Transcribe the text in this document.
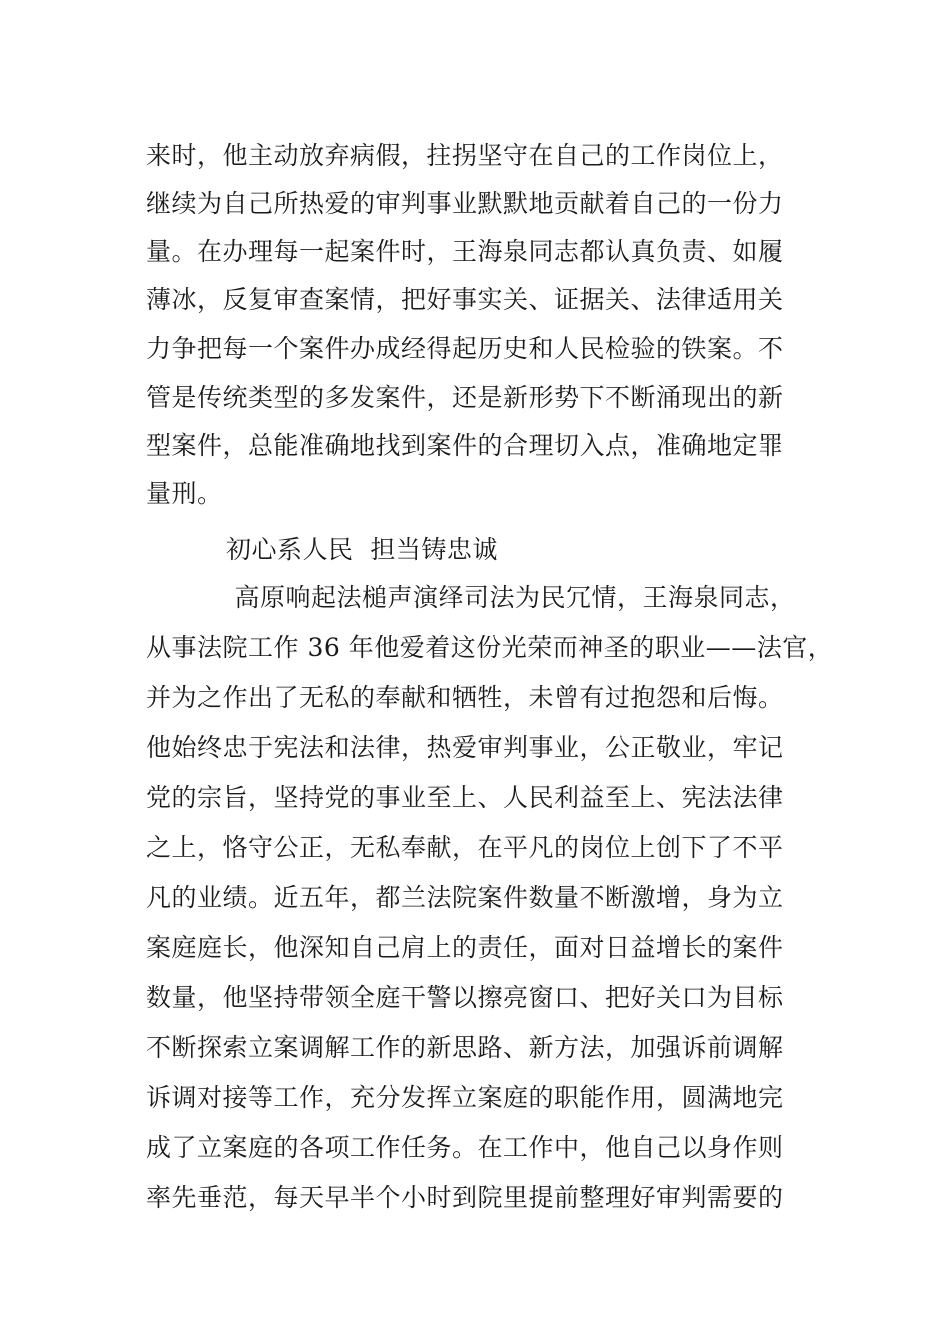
来时，他主动放弃病假，拄拐坚守在自己的工作岗位上，
继续为自己所热爱的审判事业默默地贡献着自己的一份力
量。在办理每一起案件时，王海泉同志都认真负责、如履
薄冰，反复审查案情，把好事实关、证据关、法律适用关
力争把每一个案件办成经得起历史和人民检验的铁案。不
管是传统类型的多发案件，还是新形势下不断涌现出的新
型案件，总能准确地找到案件的合理切入点，准确地定罪
量刑。
初心系人民  担当铸忠诚
高原响起法槌声演绎司法为民冗情，王海泉同志，
从事法院工作 36 年他爱着这份光荣而神圣的职业——法官，
并为之作出了无私的奉献和牺牲，未曾有过抱怨和后悔。
他始终忠于宪法和法律，热爱审判事业，公正敬业，牢记
党的宗旨，坚持党的事业至上、人民利益至上、宪法法律
之上，恪守公正，无私奉献，在平凡的岗位上创下了不平
凡的业绩。近五年，都兰法院案件数量不断激增，身为立
案庭庭长，他深知自己肩上的责任，面对日益增长的案件
数量，他坚持带领全庭干警以擦亮窗口、把好关口为目标
不断探索立案调解工作的新思路、新方法，加强诉前调解
诉调对接等工作，充分发挥立案庭的职能作用，圆满地完
成了立案庭的各项工作任务。在工作中，他自己以身作则
率先垂范，每天早半个小时到院里提前整理好审判需要的
